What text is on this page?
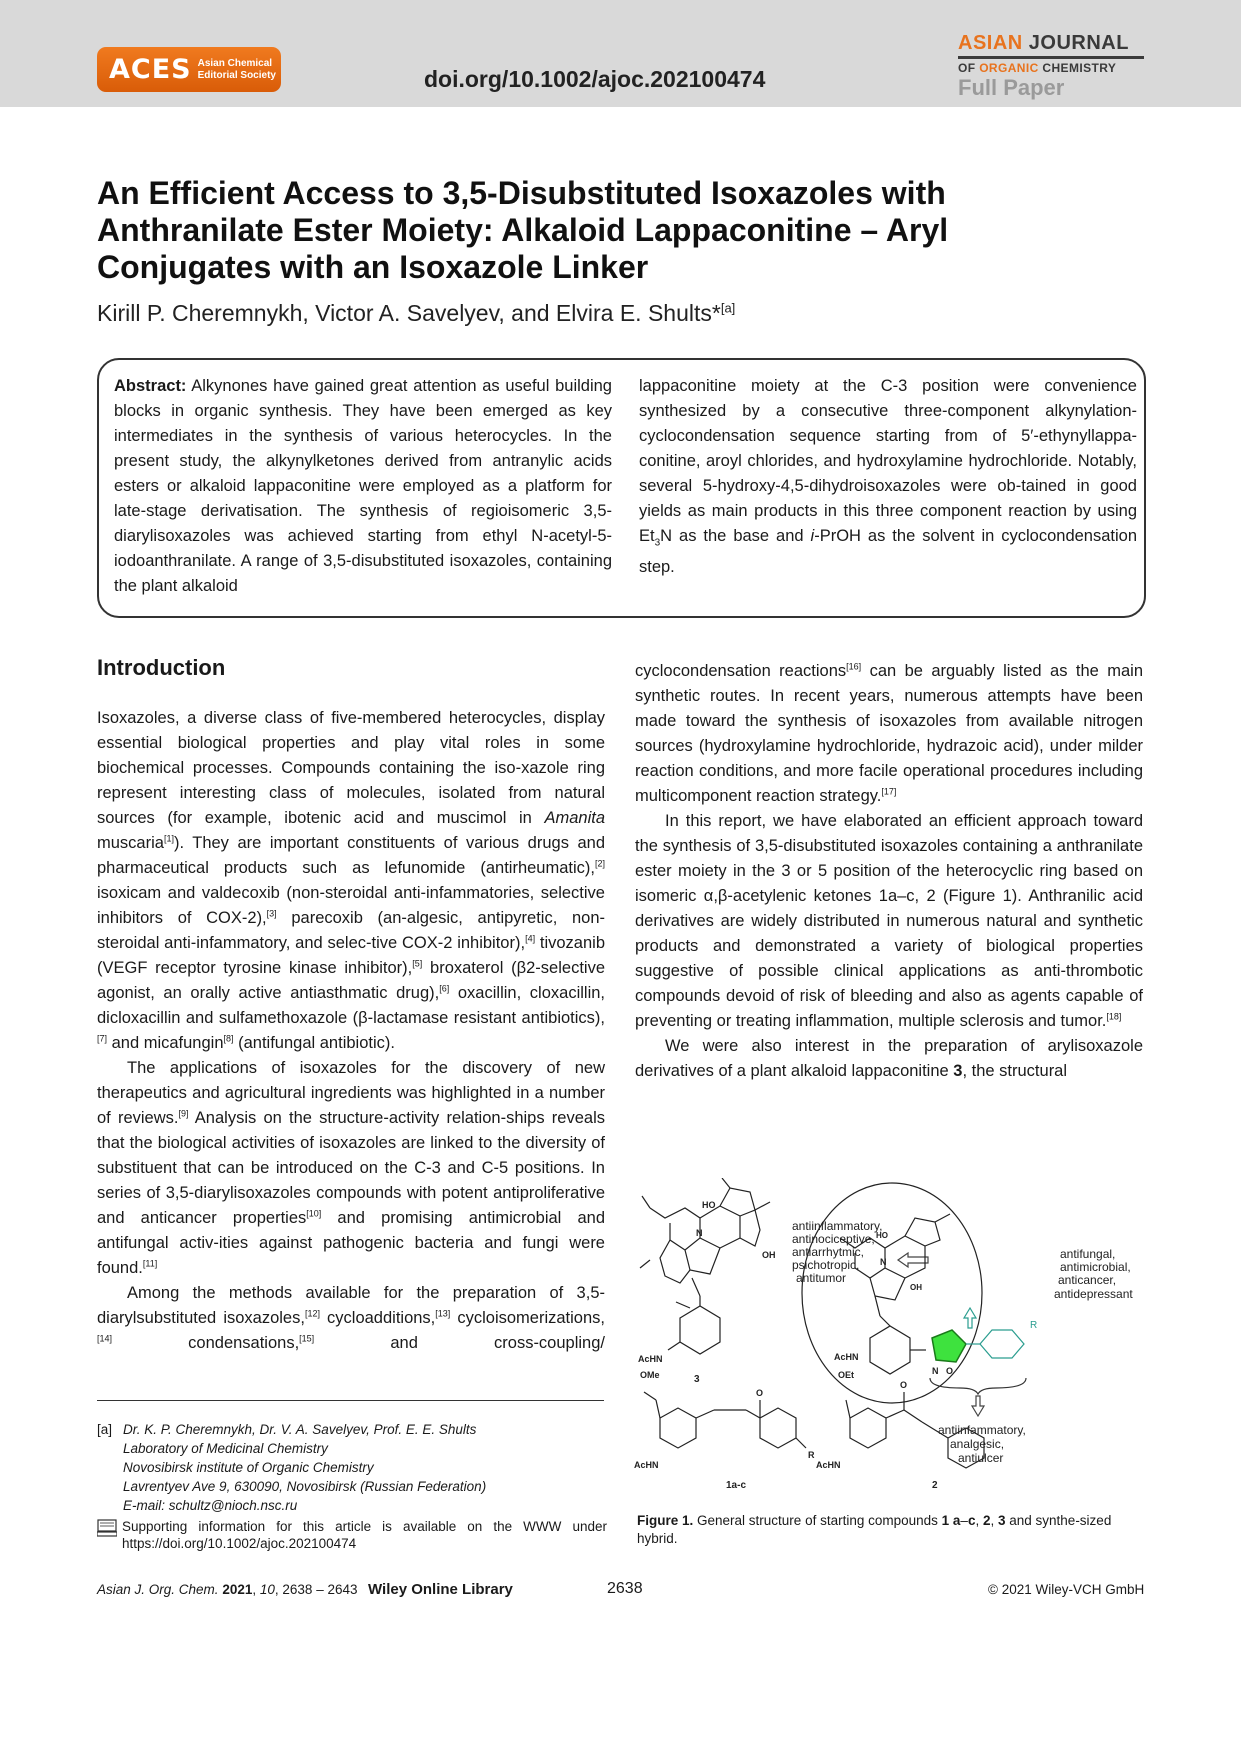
ACES Asian Chemical
Editorial Society	doi.org/10.1002/ajoc.202100474
ASIAN JOURNAL
OF ORGANIC CHEMISTRY
Full Paper
An Efficient Access to 3,5-Disubstituted Isoxazoles with Anthranilate Ester Moiety: Alkaloid Lappaconitine – Aryl Conjugates with an Isoxazole Linker
Kirill P. Cheremnykh, Victor A. Savelyev, and Elvira E. Shults*[a]
Abstract: Alkynones have gained great attention as useful building blocks in organic synthesis. They have been emerged as key intermediates in the synthesis of various heterocycles. In the present study, the alkynylketones derived from antranylic acids esters or alkaloid lappaconitine were employed as a platform for late-stage derivatisation. The synthesis of regioisomeric 3,5-diarylisoxazoles was achieved starting from ethyl N-acetyl-5-iodoanthranilate. A range of 3,5-disubstituted isoxazoles, containing the plant alkaloid
lappaconitine moiety at the C-3 position were convenience synthesized by a consecutive three-component alkynylation-cyclocondensation sequence starting from of 5′-ethynyllappa-conitine, aroyl chlorides, and hydroxylamine hydrochloride. Notably, several 5-hydroxy-4,5-dihydroisoxazoles were ob-tained in good yields as main products in this three component reaction by using $Et_3N$ as the base and i-PrOH as the solvent in cyclocondensation step.
Introduction

Isoxazoles, a diverse class of five-membered heterocycles, display essential biological properties and play vital roles in some biochemical processes. Compounds containing the iso-xazole ring represent interesting class of molecules, isolated from natural sources (for example, ibotenic acid and muscimol in Amanita muscaria[1]). They are important constituents of various drugs and pharmaceutical products such as lefunomide (antirheumatic),[2] isoxicam and valdecoxib (non-steroidal anti-infammatories, selective inhibitors of COX-2),[3] parecoxib (an-algesic, antipyretic, non-steroidal anti-infammatory, and selec-tive COX-2 inhibitor),[4] tivozanib (VEGF receptor tyrosine kinase inhibitor),[5] broxaterol (β2-selective agonist, an orally active antiasthmatic drug),[6] oxacillin, cloxacillin, dicloxacillin and sulfamethoxazole (β-lactamase resistant antibiotics),[7] and micafungin[8] (antifungal antibiotic).

The applications of isoxazoles for the discovery of new therapeutics and agricultural ingredients was highlighted in a number of reviews.[9] Analysis on the structure-activity relation-ships reveals that the biological activities of isoxazoles are linked to the diversity of substituent that can be introduced on the C-3 and C-5 positions. In series of 3,5-diarylisoxazoles compounds with potent antiproliferative and anticancer properties[10] and promising antimicrobial and antifungal activ-ities against pathogenic bacteria and fungi were found.[11]

Among the methods available for the preparation of 3,5-diarylsubstituted isoxazoles,[12] cycloadditions,[13] cycloisomerizations,[14] condensations,[15] and cross-coupling/

cyclocondensation reactions[16] can be arguably listed as the main synthetic routes. In recent years, numerous attempts have been made toward the synthesis of isoxazoles from available nitrogen sources (hydroxylamine hydrochloride, hydrazoic acid), under milder reaction conditions, and more facile operational procedures including multicomponent reaction strategy.[17]

In this report, we have elaborated an efficient approach toward the synthesis of 3,5-disubstituted isoxazoles containing a anthranilate ester moiety in the 3 or 5 position of the heterocyclic ring based on isomeric α,β-acetylenic ketones 1a–c, 2 (Figure 1). Anthranilic acid derivatives are widely distributed in numerous natural and synthetic products and demonstrated a variety of biological properties suggestive of possible clinical applications as anti-thrombotic compounds devoid of risk of bleeding and also as agents capable of preventing or treating inflammation, multiple sclerosis and tumor.[18]

We were also interest in the preparation of arylisoxazole derivatives of a plant alkaloid lappaconitine 3, the structural

N
HO
OH
AcHN
3
antiinflammatory,
antinociceptive,
antiarrhytmic,
psichotropic,
antitumor
N
HO
OH
AcHN
N O
R
antifungal,
antimicrobial,
anticancer,
antidepressant
antiinfammatory,
analgesic,
antiulcer
OMe
O
R
AcHN
1a-c
OEt
O
AcHN
2
Figure 1. General structure of starting compounds 1 a–c, 2, 3 and synthe-sized hybrid.
[a] Dr. K. P. Cheremnykh, Dr. V. A. Savelyev, Prof. E. E. Shults
Laboratory of Medicinal Chemistry
Novosibirsk institute of Organic Chemistry
Lavrentyev Ave 9, 630090, Novosibirsk (Russian Federation)
E-mail: schultz@nioch.nsc.ru
Supporting information for this article is available on the WWW under https://doi.org/10.1002/ajoc.202100474
Asian J. Org. Chem. 2021, 10, 2638 – 2643 Wiley Online Library	2638	© 2021 Wiley-VCH GmbH
